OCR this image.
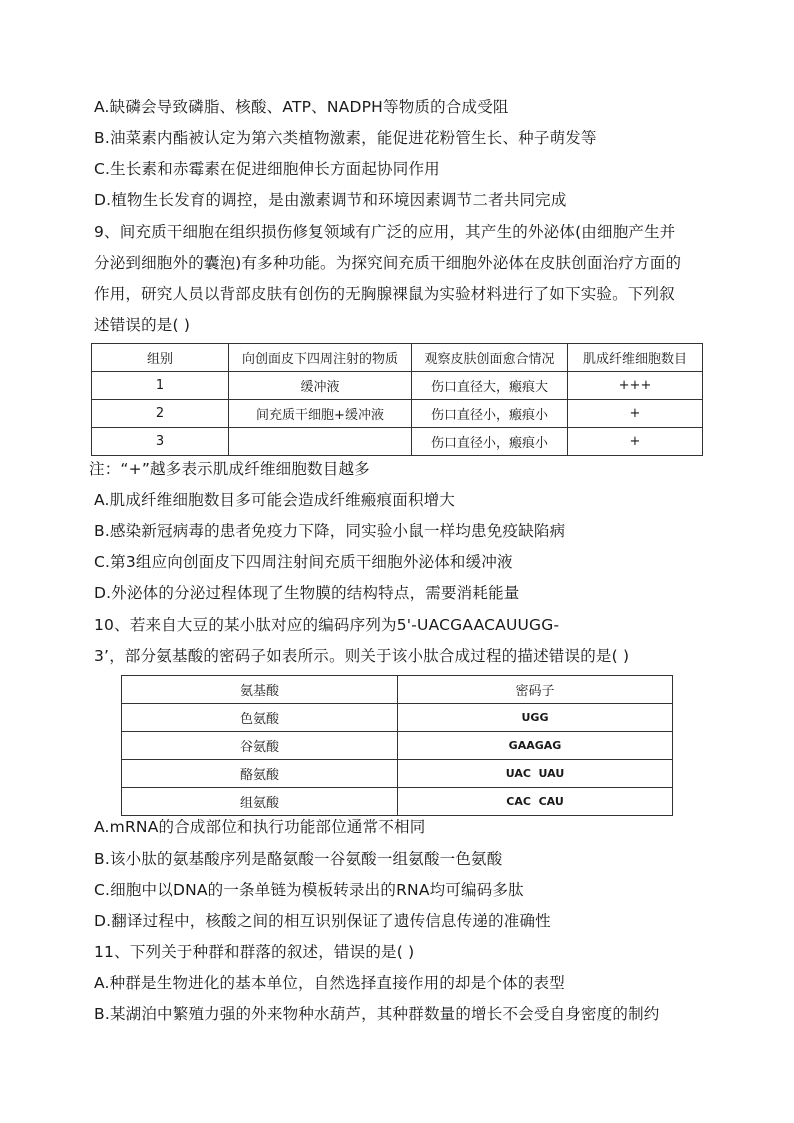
A.缺磷会导致磷脂、核酸、ATP、NADPH等物质的合成受阻
B.油菜素内酯被认定为第六类植物激素，能促进花粉管生长、种子萌发等
C.生长素和赤霉素在促进细胞伸长方面起协同作用
D.植物生长发育的调控，是由激素调节和环境因素调节二者共同完成
9、间充质干细胞在组织损伤修复领域有广泛的应用，其产生的外泌体(由细胞产生并
分泌到细胞外的囊泡)有多种功能。为探究间充质干细胞外泌体在皮肤创面治疗方面的
作用，研究人员以背部皮肤有创伤的无胸腺裸鼠为实验材料进行了如下实验。下列叙
述错误的是( )
组别	向创面皮下四周注射的物质	观察皮肤创面愈合情况	肌成纤维细胞数目
1	缓冲液	伤口直径大，瘢痕大	+++
2	间充质干细胞+缓冲液	伤口直径小，瘢痕小	+
3		伤口直径小，瘢痕小	+
注：“+”越多表示肌成纤维细胞数目越多
A.肌成纤维细胞数目多可能会造成纤维瘢痕面积增大
B.感染新冠病毒的患者免疫力下降，同实验小鼠一样均患免疫缺陷病
C.第3组应向创面皮下四周注射间充质干细胞外泌体和缓冲液
D.外泌体的分泌过程体现了生物膜的结构特点，需要消耗能量
10、若来自大豆的某小肽对应的编码序列为5'-UACGAACAUUGG-
3’，部分氨基酸的密码子如表所示。则关于该小肽合成过程的描述错误的是( )
氨基酸	密码子
色氨酸	UGG
谷氨酸	GAAGAG
酪氨酸	UAC  UAU
组氨酸	CAC  CAU
A.mRNA的合成部位和执行功能部位通常不相同
B.该小肽的氨基酸序列是酪氨酸一谷氨酸一组氨酸一色氨酸
C.细胞中以DNA的一条单链为模板转录出的RNA均可编码多肽
D.翻译过程中，核酸之间的相互识别保证了遗传信息传递的准确性
11、下列关于种群和群落的叙述，错误的是( )
A.种群是生物进化的基本单位，自然选择直接作用的却是个体的表型
B.某湖泊中繁殖力强的外来物种水葫芦，其种群数量的增长不会受自身密度的制约
